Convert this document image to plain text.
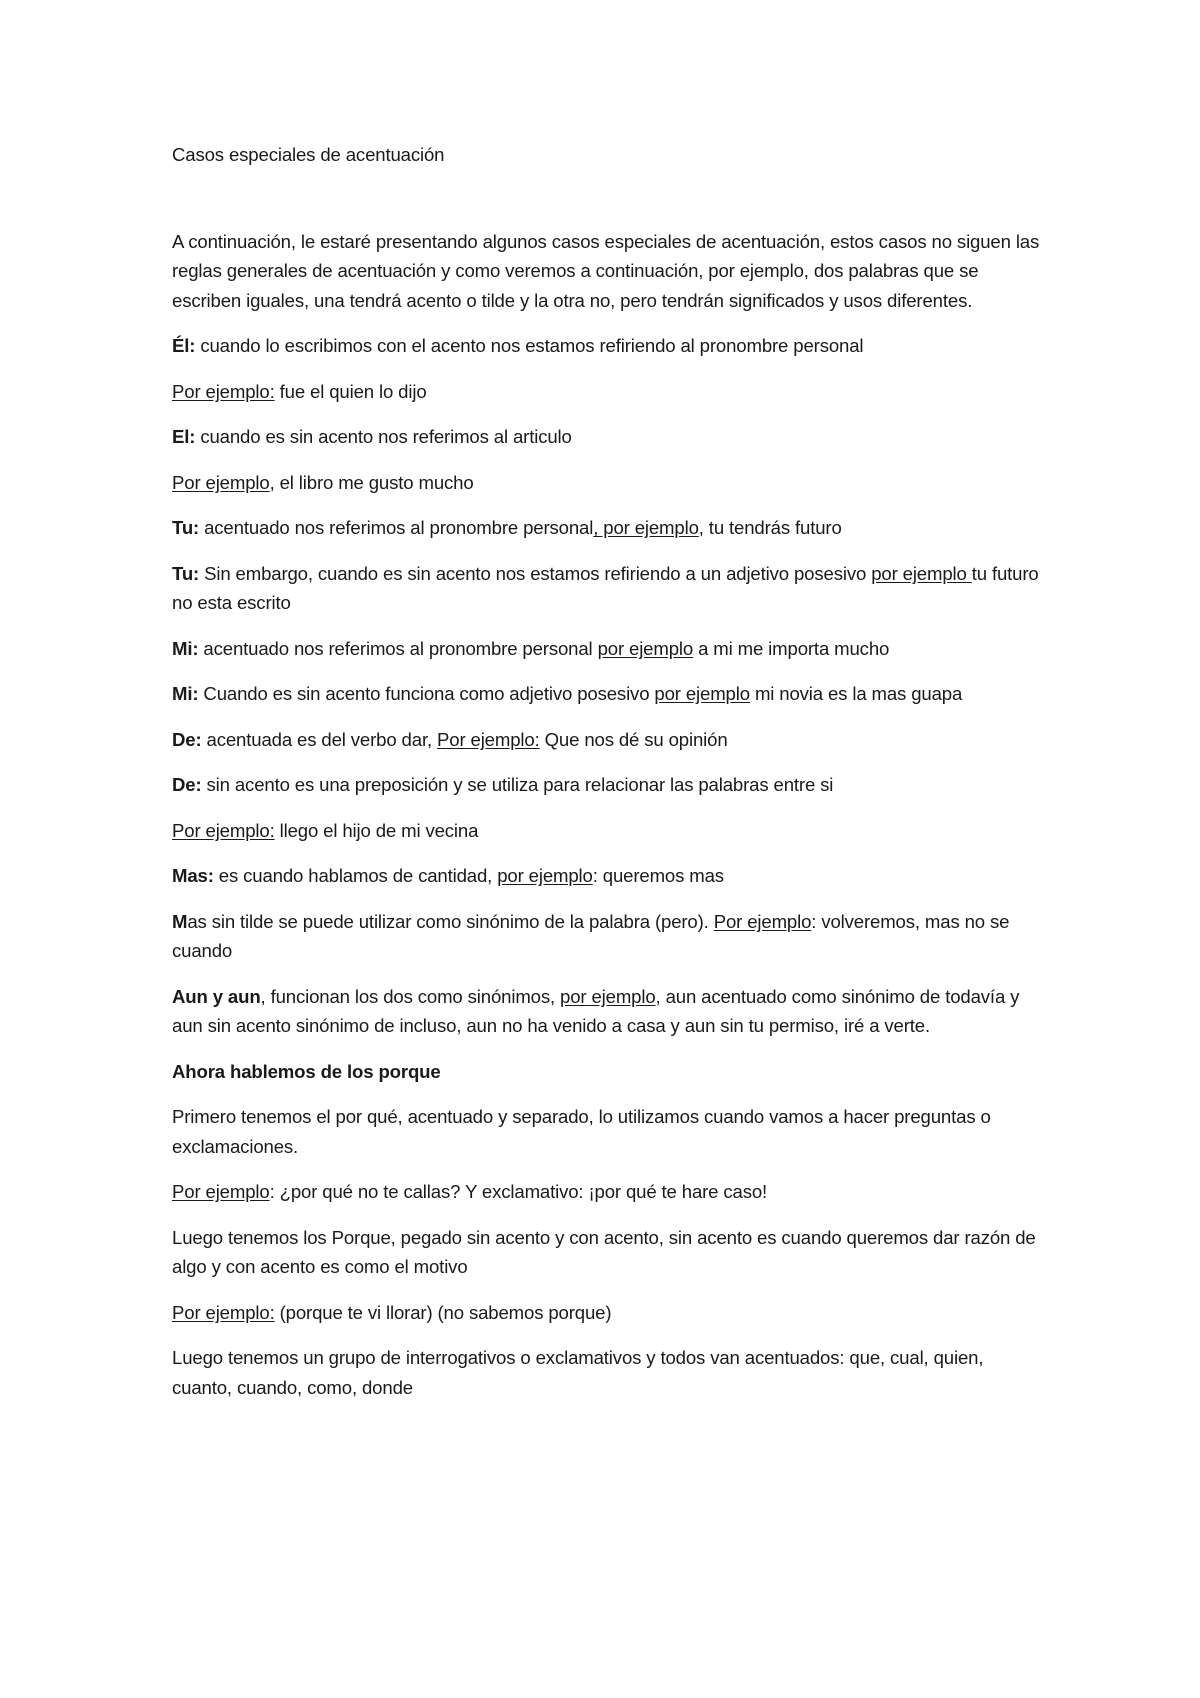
Casos especiales de acentuación

A continuación, le estaré presentando algunos casos especiales de acentuación, estos casos no siguen las reglas generales de acentuación y como veremos a continuación, por ejemplo, dos palabras que se escriben iguales, una tendrá acento o tilde y la otra no, pero tendrán significados y usos diferentes.

Él: cuando lo escribimos con el acento nos estamos refiriendo al pronombre personal

Por ejemplo: fue el quien lo dijo

El: cuando es sin acento nos referimos al articulo

Por ejemplo, el libro me gusto mucho

Tu: acentuado nos referimos al pronombre personal, por ejemplo, tu tendrás futuro

Tu: Sin embargo, cuando es sin acento nos estamos refiriendo a un adjetivo posesivo por ejemplo tu futuro no esta escrito

Mi: acentuado nos referimos al pronombre personal por ejemplo a mi me importa mucho

Mi: Cuando es sin acento funciona como adjetivo posesivo por ejemplo mi novia es la mas guapa

De: acentuada es del verbo dar, Por ejemplo: Que nos dé su opinión

De: sin acento es una preposición y se utiliza para relacionar las palabras entre si

Por ejemplo: llego el hijo de mi vecina

Mas: es cuando hablamos de cantidad, por ejemplo: queremos mas

Mas sin tilde se puede utilizar como sinónimo de la palabra (pero). Por ejemplo: volveremos, mas no se cuando

Aun y aun, funcionan los dos como sinónimos, por ejemplo, aun acentuado como sinónimo de todavía y aun sin acento sinónimo de incluso, aun no ha venido a casa y aun sin tu permiso, iré a verte.

Ahora hablemos de los porque

Primero tenemos el por qué, acentuado y separado, lo utilizamos cuando vamos a hacer preguntas o exclamaciones.

Por ejemplo: ¿por qué no te callas? Y exclamativo: ¡por qué te hare caso!

Luego tenemos los Porque, pegado sin acento y con acento, sin acento es cuando queremos dar razón de algo y con acento es como el motivo

Por ejemplo: (porque te vi llorar) (no sabemos porque)

Luego tenemos un grupo de interrogativos o exclamativos y todos van acentuados: que, cual, quien, cuanto, cuando, como, donde
